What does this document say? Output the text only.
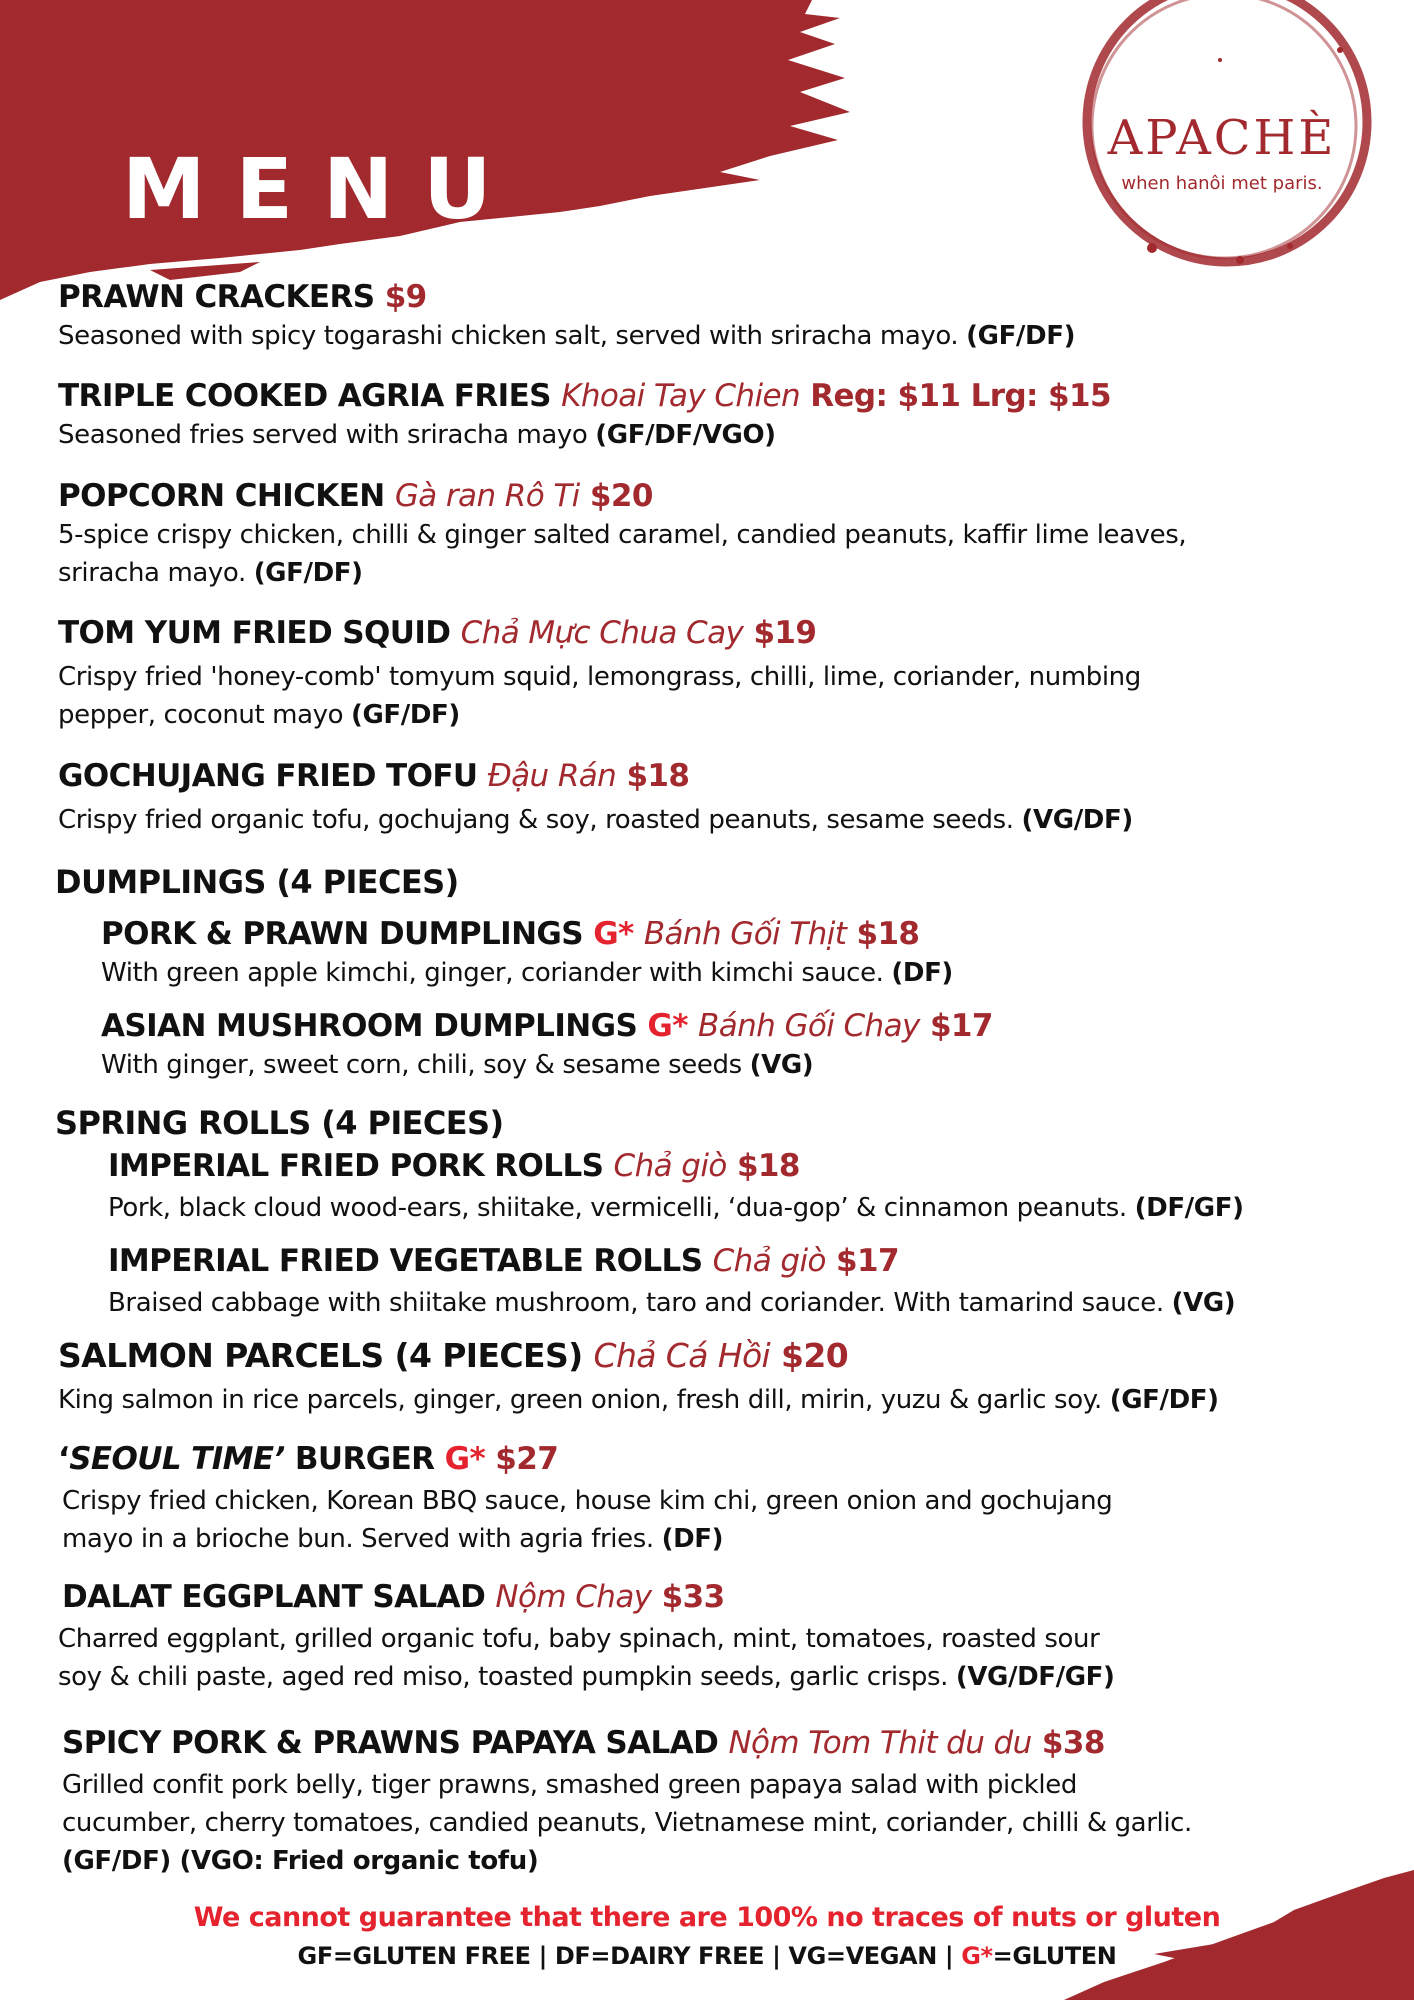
MENU
APACHÈ
when hanôi met paris.
PRAWN CRACKERS $9
Seasoned with spicy togarashi chicken salt, served with sriracha mayo. (GF/DF)
TRIPLE COOKED AGRIA FRIES Khoai Tay Chien Reg: $11 Lrg: $15
Seasoned fries served with sriracha mayo (GF/DF/VGO)
POPCORN CHICKEN Gà ran Rô Ti $20
5-spice crispy chicken, chilli & ginger salted caramel, candied peanuts, kaffir lime leaves,
sriracha mayo. (GF/DF)
TOM YUM FRIED SQUID Chả Mực Chua Cay $19
Crispy fried 'honey-comb' tomyum squid, lemongrass, chilli, lime, coriander, numbing
pepper, coconut mayo (GF/DF)
GOCHUJANG FRIED TOFU Đậu Rán $18
Crispy fried organic tofu, gochujang & soy, roasted peanuts, sesame seeds. (VG/DF)
DUMPLINGS (4 PIECES)
PORK & PRAWN DUMPLINGS G* Bánh Gối Thịt $18
With green apple kimchi, ginger, coriander with kimchi sauce. (DF)
ASIAN MUSHROOM DUMPLINGS G* Bánh Gối Chay $17
With ginger, sweet corn, chili, soy & sesame seeds (VG)
SPRING ROLLS (4 PIECES)
IMPERIAL FRIED PORK ROLLS Chả giò $18
Pork, black cloud wood-ears, shiitake, vermicelli, ‘dua-gop’ & cinnamon peanuts. (DF/GF)
IMPERIAL FRIED VEGETABLE ROLLS Chả giò $17
Braised cabbage with shiitake mushroom, taro and coriander. With tamarind sauce. (VG)
SALMON PARCELS (4 PIECES) Chả Cá Hồi $20
King salmon in rice parcels, ginger, green onion, fresh dill, mirin, yuzu & garlic soy. (GF/DF)
‘SEOUL TIME’ BURGER G* $27
Crispy fried chicken, Korean BBQ sauce, house kim chi, green onion and gochujang
mayo in a brioche bun. Served with agria fries. (DF)
DALAT EGGPLANT SALAD Nộm Chay $33
Charred eggplant, grilled organic tofu, baby spinach, mint, tomatoes, roasted sour
soy & chili paste, aged red miso, toasted pumpkin seeds, garlic crisps. (VG/DF/GF)
SPICY PORK & PRAWNS PAPAYA SALAD Nộm Tom Thit du du $38
Grilled confit pork belly, tiger prawns, smashed green papaya salad with pickled
cucumber, cherry tomatoes, candied peanuts, Vietnamese mint, coriander, chilli & garlic.
(GF/DF) (VGO: Fried organic tofu)
We cannot guarantee that there are 100% no traces of nuts or gluten
GF=GLUTEN FREE | DF=DAIRY FREE | VG=VEGAN | G*=GLUTEN
